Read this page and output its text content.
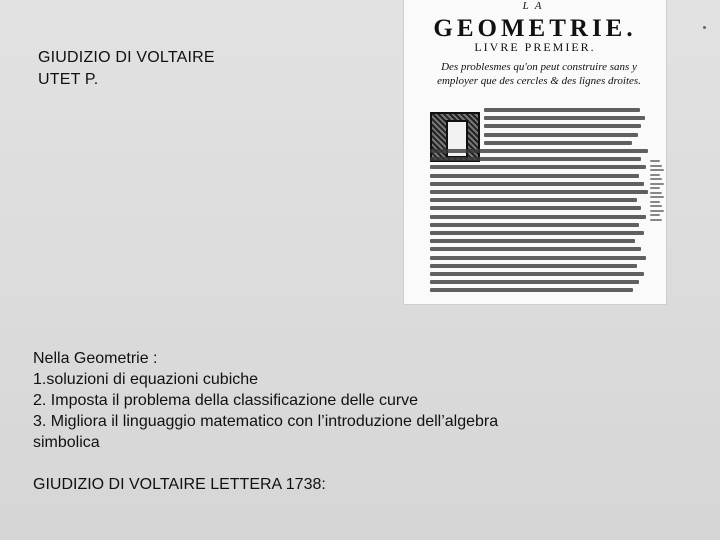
GIUDIZIO DI VOLTAIRE
UTET P.
LA
GEOMETRIE.
LIVRE PREMIER.
Des problesmes qu'on peut construire sans y employer que des cercles & des lignes droites.
Nella Geometrie :
1.soluzioni di equazioni cubiche
2. Imposta il problema della classificazione delle curve
3. Migliora il linguaggio matematico con l’introduzione dell’algebra
simbolica
GIUDIZIO DI VOLTAIRE LETTERA 1738:
